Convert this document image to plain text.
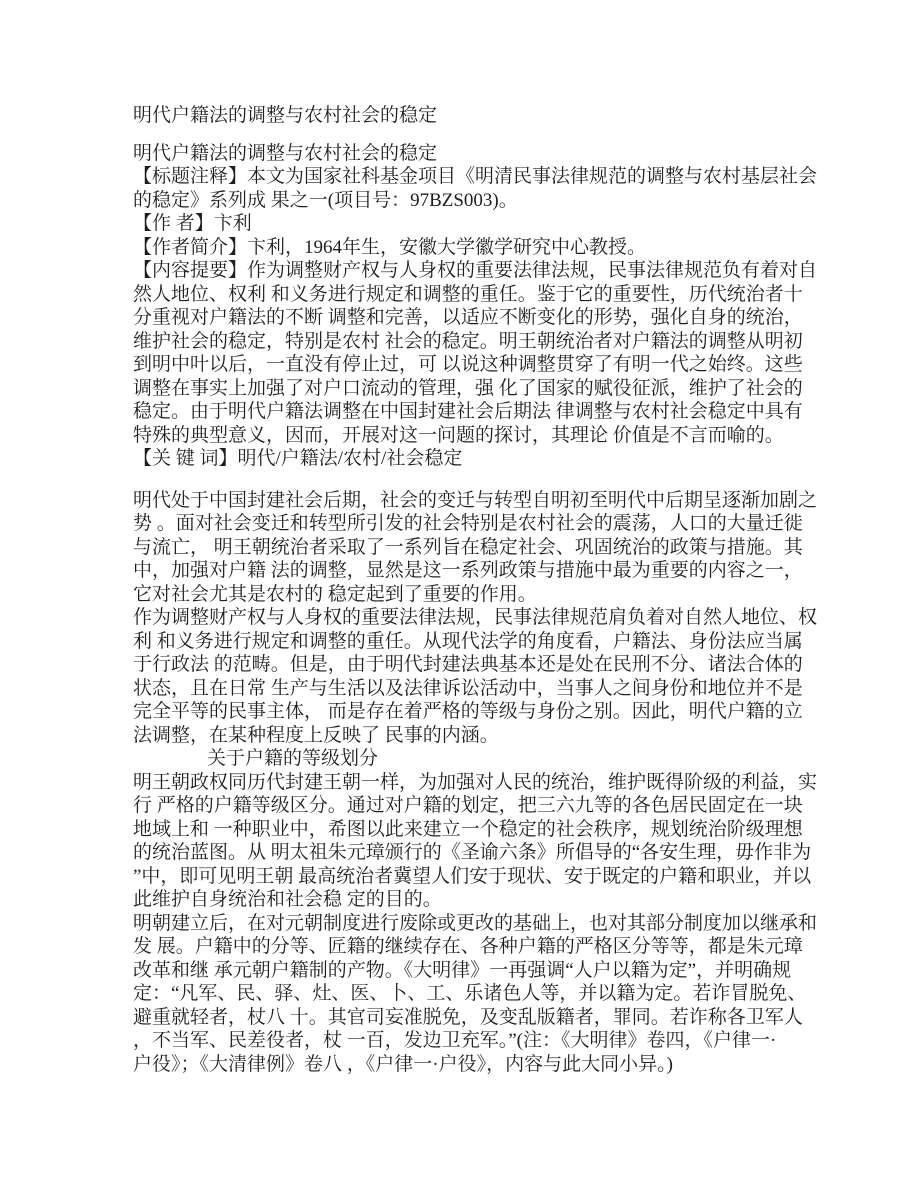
明代户籍法的调整与农村社会的稳定
明代户籍法的调整与农村社会的稳定
【标题注释】本文为国家社科基金项目《明清民事法律规范的调整与农村基层社会
的稳定》系列成 果之一(项目号：97BZS003)。
【作 者】卞利
【作者简介】卞利，1964年生，安徽大学徽学研究中心教授。
【内容提要】作为调整财产权与人身权的重要法律法规，民事法律规范负有着对自
然人地位、权利 和义务进行规定和调整的重任。鉴于它的重要性，历代统治者十
分重视对户籍法的不断 调整和完善，以适应不断变化的形势，强化自身的统治，
维护社会的稳定，特别是农村 社会的稳定。明王朝统治者对户籍法的调整从明初
到明中叶以后，一直没有停止过，可 以说这种调整贯穿了有明一代之始终。这些
调整在事实上加强了对户口流动的管理，强 化了国家的赋役征派，维护了社会的
稳定。由于明代户籍法调整在中国封建社会后期法 律调整与农村社会稳定中具有
特殊的典型意义，因而，开展对这一问题的探讨，其理论 价值是不言而喻的。
【关 键 词】明代/户籍法/农村/社会稳定
明代处于中国封建社会后期，社会的变迁与转型自明初至明代中后期呈逐渐加剧之
势 。面对社会变迁和转型所引发的社会特别是农村社会的震荡，人口的大量迁徙
与流亡， 明王朝统治者采取了一系列旨在稳定社会、巩固统治的政策与措施。其
中，加强对户籍 法的调整，显然是这一系列政策与措施中最为重要的内容之一，
它对社会尤其是农村的 稳定起到了重要的作用。
作为调整财产权与人身权的重要法律法规，民事法律规范肩负着对自然人地位、权
利 和义务进行规定和调整的重任。从现代法学的角度看，户籍法、身份法应当属
于行政法 的范畴。但是，由于明代封建法典基本还是处在民刑不分、诸法合体的
状态，且在日常 生产与生活以及法律诉讼活动中，当事人之间身份和地位并不是
完全平等的民事主体， 而是存在着严格的等级与身份之别。因此，明代户籍的立
法调整，在某种程度上反映了 民事的内涵。
关于户籍的等级划分
明王朝政权同历代封建王朝一样，为加强对人民的统治，维护既得阶级的利益，实
行 严格的户籍等级区分。通过对户籍的划定，把三六九等的各色居民固定在一块
地域上和 一种职业中，希图以此来建立一个稳定的社会秩序，规划统治阶级理想
的统治蓝图。从 明太祖朱元璋颁行的《圣谕六条》所倡导的“各安生理，毋作非为
”中，即可见明王朝 最高统治者冀望人们安于现状、安于既定的户籍和职业，并以
此维护自身统治和社会稳 定的目的。
明朝建立后，在对元朝制度进行废除或更改的基础上，也对其部分制度加以继承和
发 展。户籍中的分等、匠籍的继续存在、各种户籍的严格区分等等，都是朱元璋
改革和继 承元朝户籍制的产物。《大明律》一再强调“人户以籍为定”，并明确规
定：“凡军、民、驿、灶、医、卜、工、乐诸色人等，并以籍为定。若诈冒脱免、
避重就轻者，杖八 十。其官司妄准脱免，及变乱版籍者，罪同。若诈称各卫军人
，不当军、民差役者，杖 一百，发边卫充军。”(注：《大明律》卷四，《户律一·
户役》；《大清律例》卷八 ，《户律一·户役》，内容与此大同小异。)
